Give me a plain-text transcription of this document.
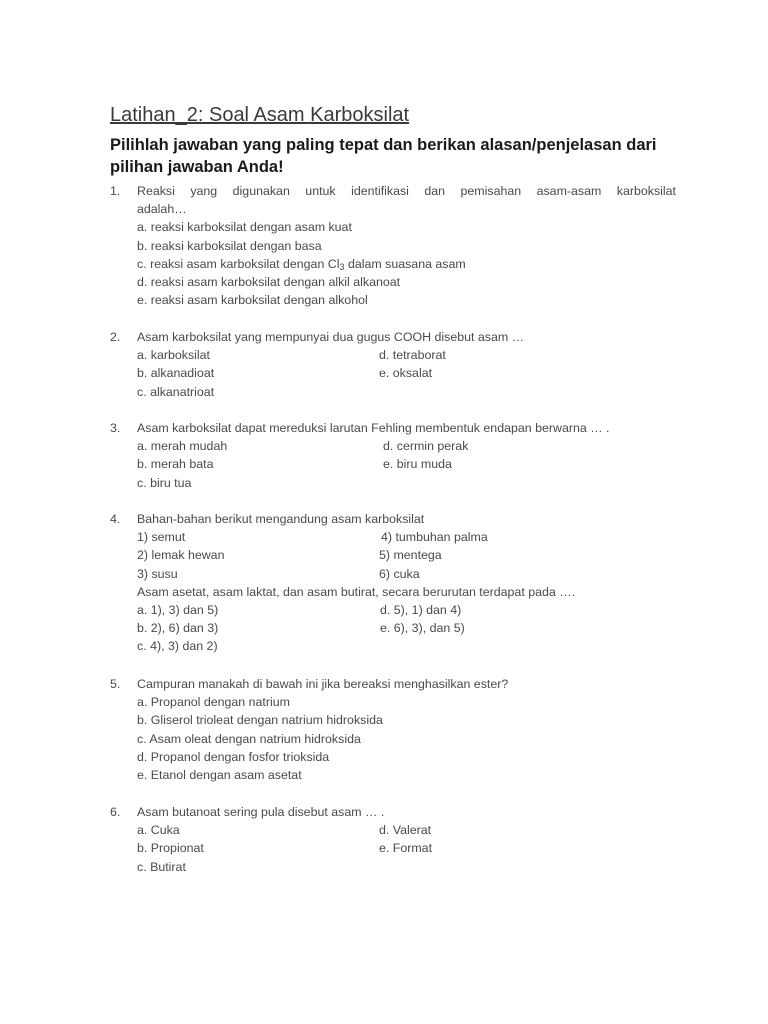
Latihan_2: Soal Asam Karboksilat
Pilihlah jawaban yang paling tepat dan berikan alasan/penjelasan dari pilihan jawaban Anda!
1. Reaksi yang digunakan untuk identifikasi dan pemisahan asam-asam karboksilat
adalah…
a. reaksi karboksilat dengan asam kuat
b. reaksi karboksilat dengan basa
c. reaksi asam karboksilat dengan $Cl_3$ dalam suasana asam
d. reaksi asam karboksilat dengan alkil alkanoat
e. reaksi asam karboksilat dengan alkohol
2. Asam karboksilat yang mempunyai dua gugus COOH disebut asam …
a. karboksilat	d. tetraborat
b. alkanadioat	e. oksalat
c. alkanatrioat
3. Asam karboksilat dapat mereduksi larutan Fehling membentuk endapan berwarna … .
a. merah mudah	d. cermin perak
b. merah bata	e. biru muda
c. biru tua
4. Bahan-bahan berikut mengandung asam karboksilat
1) semut	4) tumbuhan palma
2) lemak hewan	5) mentega
3) susu	6) cuka
Asam asetat, asam laktat, dan asam butirat, secara berurutan terdapat pada ….
a. 1), 3) dan 5)	d. 5), 1) dan 4)
b. 2), 6) dan 3)	e. 6), 3), dan 5)
c. 4), 3) dan 2)
5. Campuran manakah di bawah ini jika bereaksi menghasilkan ester?
a. Propanol dengan natrium
b. Gliserol trioleat dengan natrium hidroksida
c. Asam oleat dengan natrium hidroksida
d. Propanol dengan fosfor trioksida
e. Etanol dengan asam asetat
6. Asam butanoat sering pula disebut asam … .
a. Cuka	d. Valerat
b. Propionat	e. Format
c. Butirat
